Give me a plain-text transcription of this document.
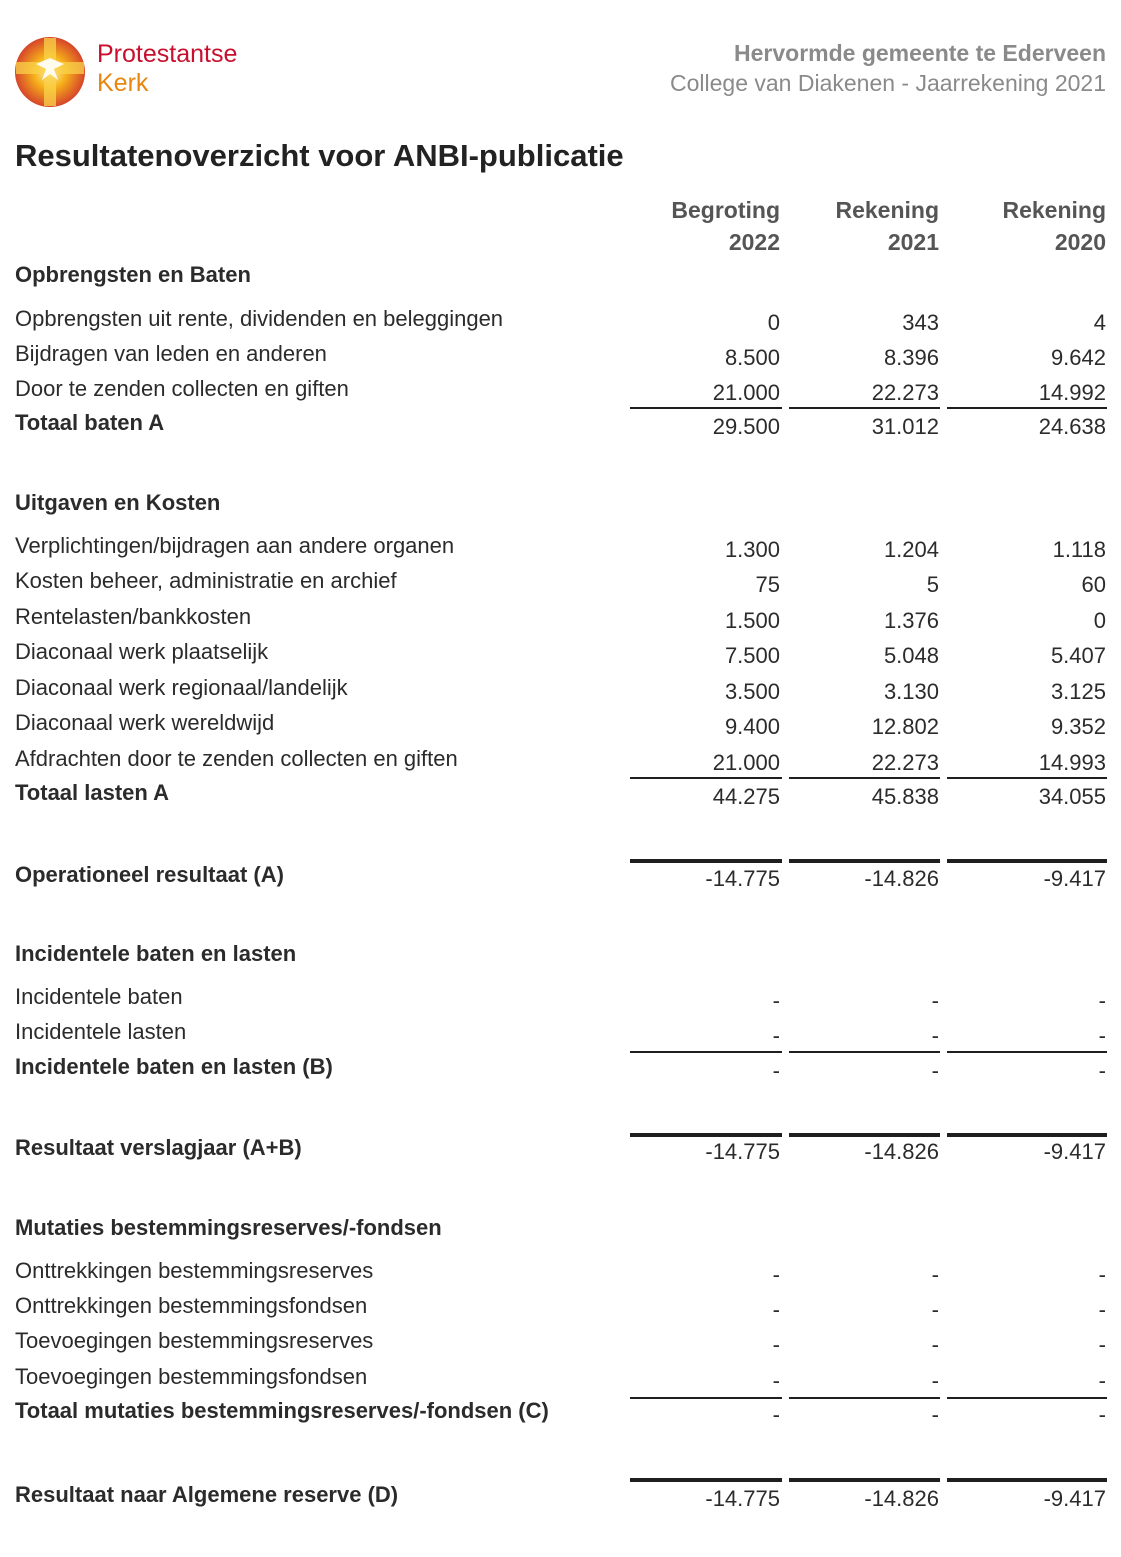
Protestantse
Kerk
Hervormde gemeente te Ederveen
College van Diakenen - Jaarrekening 2021
Resultatenoverzicht voor ANBI-publicatie
Begroting
2022
Rekening
2021
Rekening
2020
Opbrengsten en Baten
Opbrengsten uit rente, dividenden en beleggingen	0	343	4
Bijdragen van leden en anderen	8.500	8.396	9.642
Door te zenden collecten en giften	21.000	22.273	14.992
Totaal baten A	29.500	31.012	24.638
Uitgaven en Kosten
Verplichtingen/bijdragen aan andere organen	1.300	1.204	1.118
Kosten beheer, administratie en archief	75	5	60
Rentelasten/bankkosten	1.500	1.376	0
Diaconaal werk plaatselijk	7.500	5.048	5.407
Diaconaal werk regionaal/landelijk	3.500	3.130	3.125
Diaconaal werk wereldwijd	9.400	12.802	9.352
Afdrachten door te zenden collecten en giften	21.000	22.273	14.993
Totaal lasten A	44.275	45.838	34.055
Operationeel resultaat (A)	-14.775	-14.826	-9.417
Incidentele baten en lasten
Incidentele baten	-	-	-
Incidentele lasten	-	-	-
Incidentele baten en lasten (B)	-	-	-
Resultaat verslagjaar (A+B)	-14.775	-14.826	-9.417
Mutaties bestemmingsreserves/-fondsen
Onttrekkingen bestemmingsreserves	-	-	-
Onttrekkingen bestemmingsfondsen	-	-	-
Toevoegingen bestemmingsreserves	-	-	-
Toevoegingen bestemmingsfondsen	-	-	-
Totaal mutaties bestemmingsreserves/-fondsen (C)	-	-	-
Resultaat naar Algemene reserve (D)	-14.775	-14.826	-9.417
